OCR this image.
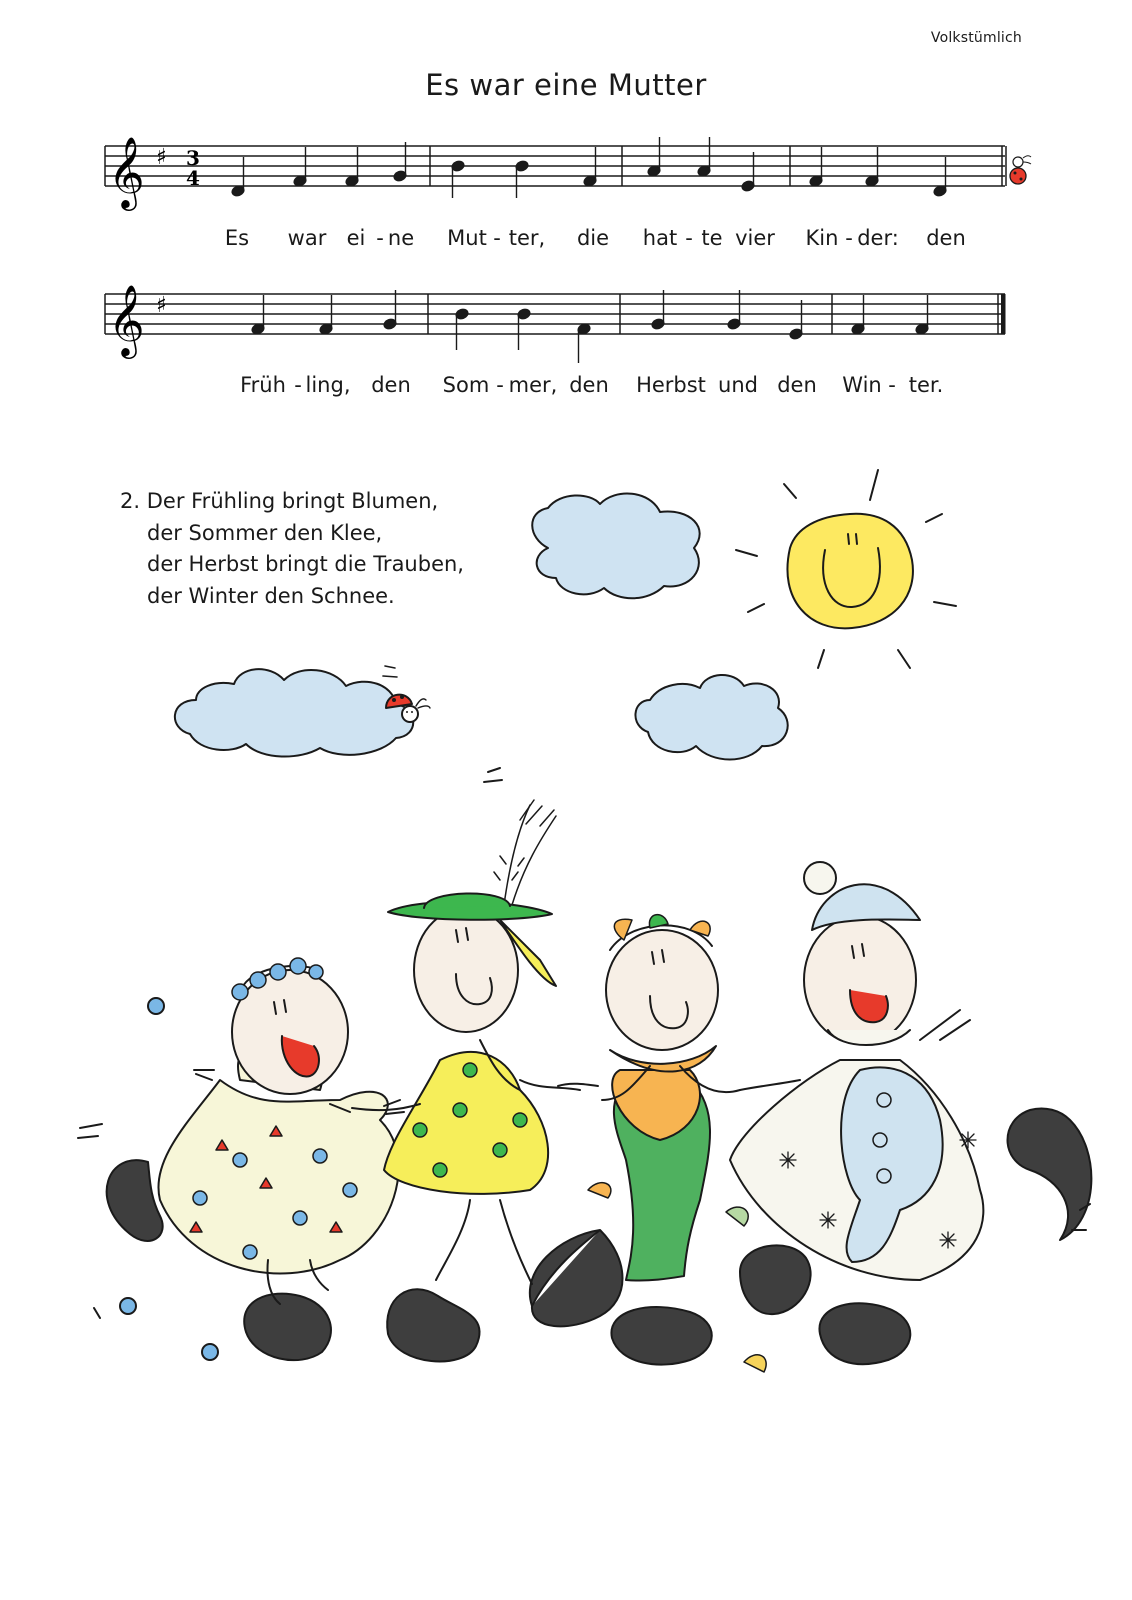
Volkstümlich
Es war eine Mutter
𝄞 ♯ 3
4
𝄞 ♯
Es war ei - ne Mut - ter, die hat - te vier Kin - der: den
Früh - ling, den Som - mer, den Herbst und den Win - ter.
2. Der Frühling bringt Blumen,
der Sommer den Klee,
der Herbst bringt die Trauben,
der Winter den Schnee.
